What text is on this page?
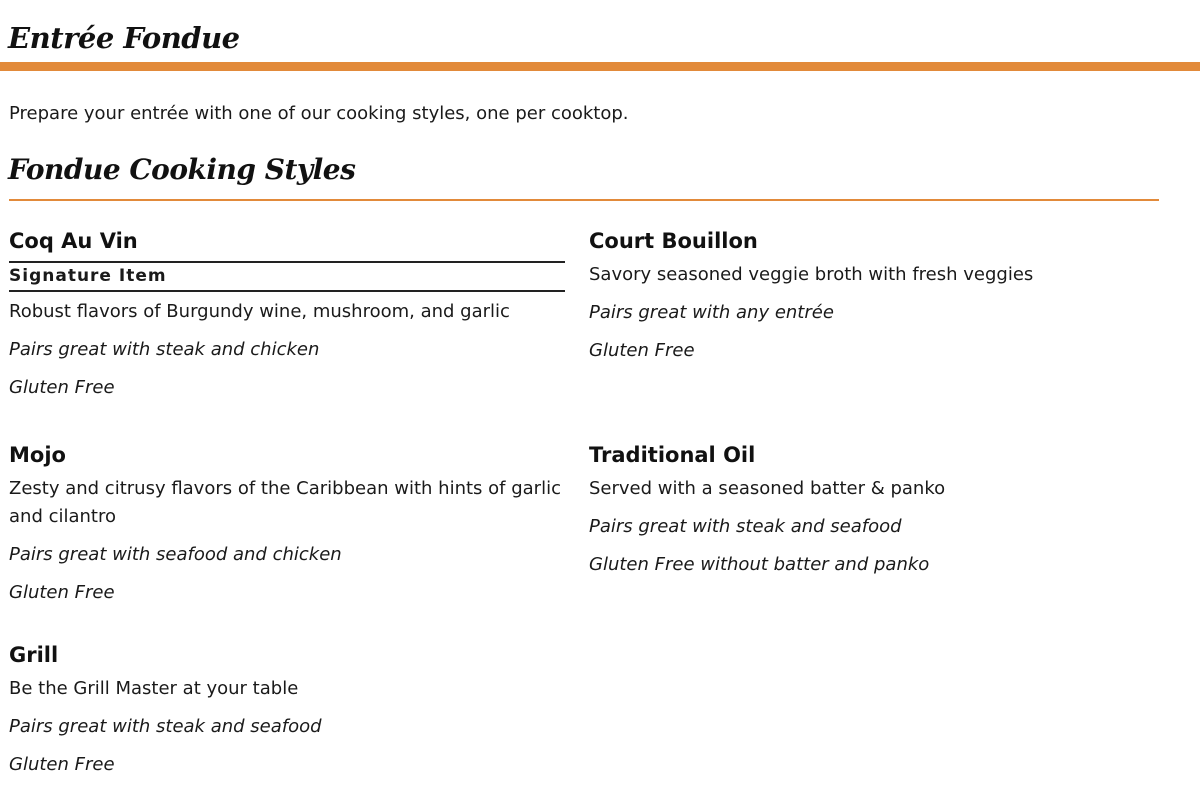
Entrée Fondue

Prepare your entrée with one of our cooking styles, one per cooktop.

Fondue Cooking Styles
Coq Au Vin
Signature Item

Robust flavors of Burgundy wine, mushroom, and garlic

Pairs great with steak and chicken

Gluten Free

Court Bouillon

Savory seasoned veggie broth with fresh veggies

Pairs great with any entrée

Gluten Free

Mojo

Zesty and citrusy flavors of the Caribbean with hints of garlic and cilantro

Pairs great with seafood and chicken

Gluten Free

Traditional Oil

Served with a seasoned batter & panko

Pairs great with steak and seafood

Gluten Free without batter and panko

Grill

Be the Grill Master at your table

Pairs great with steak and seafood

Gluten Free
